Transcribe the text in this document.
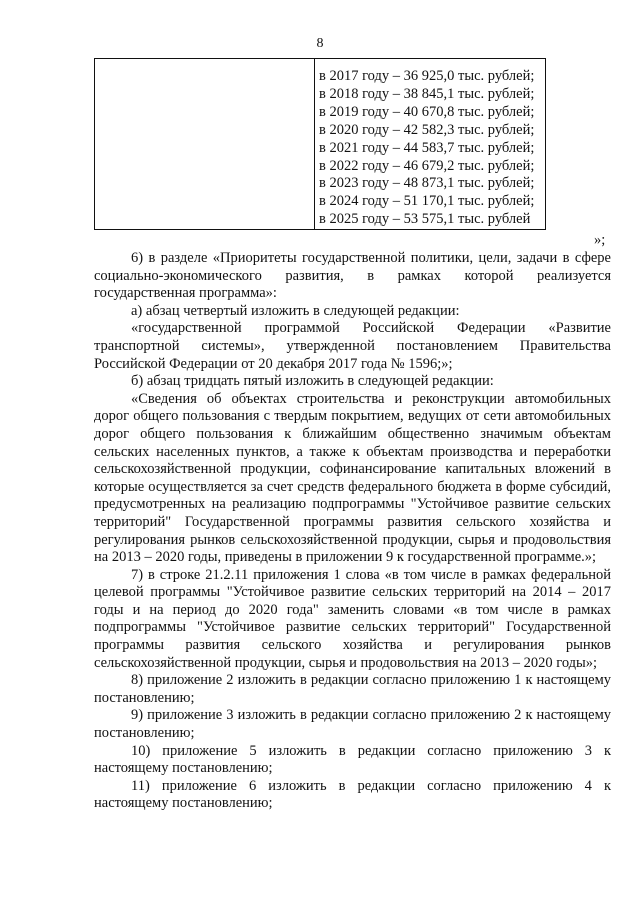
8
в 2017 году – 36 925,0 тыс. рублей;
в 2018 году – 38 845,1 тыс. рублей;
в 2019 году – 40 670,8 тыс. рублей;
в 2020 году – 42 582,3 тыс. рублей;
в 2021 году – 44 583,7 тыс. рублей;
в 2022 году – 46 679,2 тыс. рублей;
в 2023 году – 48 873,1 тыс. рублей;
в 2024 году – 51 170,1 тыс. рублей;
в 2025 году – 53 575,1 тыс. рублей
»;

6) в разделе «Приоритеты государственной политики, цели, задачи в сфере социально-экономического развития, в рамках которой реализуется государственная программа»:

а) абзац четвертый изложить в следующей редакции:

«государственной программой Российской Федерации «Развитие транспортной системы», утвержденной постановлением Правительства Российской Федерации от 20 декабря 2017 года № 1596;»;

б) абзац тридцать пятый изложить в следующей редакции:

«Сведения об объектах строительства и реконструкции автомобильных дорог общего пользования с твердым покрытием, ведущих от сети автомобильных дорог общего пользования к ближайшим общественно значимым объектам сельских населенных пунктов, а также к объектам производства и переработки сельскохозяйственной продукции, софинансирование капитальных вложений в которые осуществляется за счет средств федерального бюджета в форме субсидий, предусмотренных на реализацию подпрограммы "Устойчивое развитие сельских территорий" Государственной программы развития сельского хозяйства и регулирования рынков сельскохозяйственной продукции, сырья и продовольствия на 2013 – 2020 годы, приведены в приложении 9 к государственной программе.»;

7) в строке 21.2.11 приложения 1 слова «в том числе в рамках федеральной целевой программы "Устойчивое развитие сельских территорий на 2014 – 2017 годы и на период до 2020 года" заменить словами «в том числе в рамках подпрограммы "Устойчивое развитие сельских территорий" Государственной программы развития сельского хозяйства и регулирования рынков сельскохозяйственной продукции, сырья и продовольствия на 2013 – 2020 годы»;

8) приложение 2 изложить в редакции согласно приложению 1 к настоящему постановлению;

9) приложение 3 изложить в редакции согласно приложению 2 к настоящему постановлению;

10) приложение 5 изложить в редакции согласно приложению 3 к настоящему постановлению;

11) приложение 6 изложить в редакции согласно приложению 4 к настоящему постановлению;
